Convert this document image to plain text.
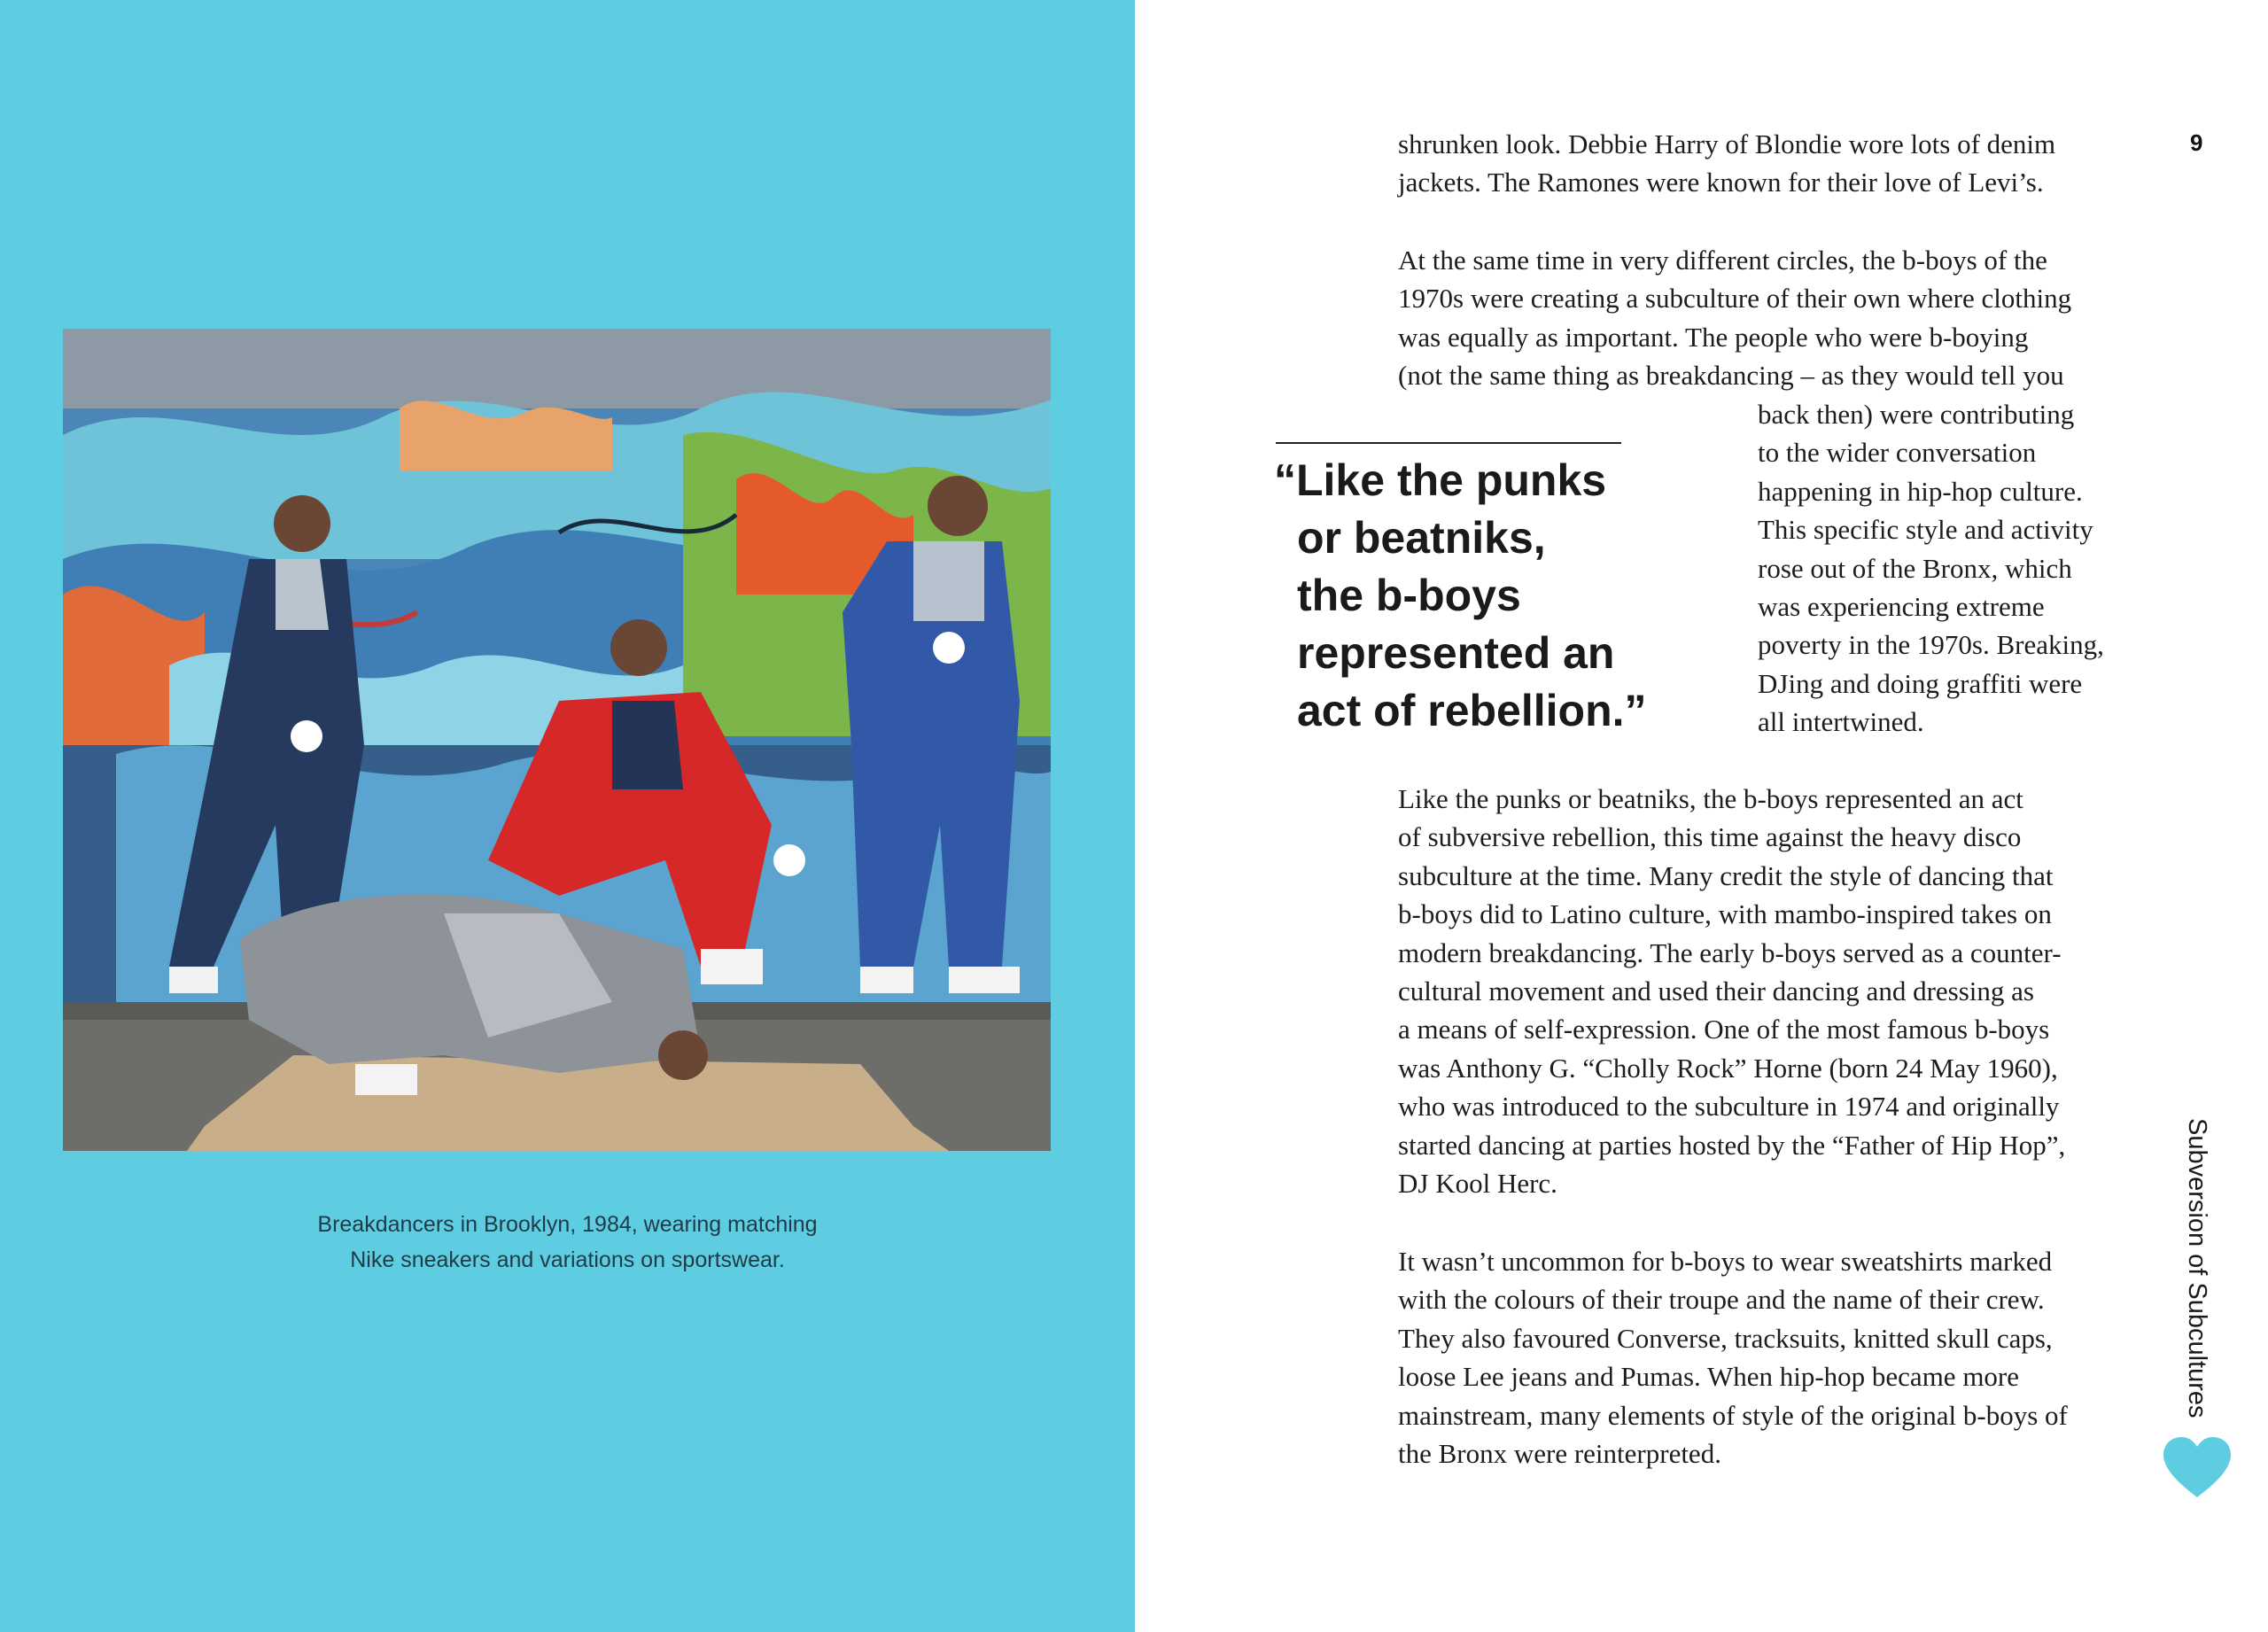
Breakdancers in Brooklyn, 1984, wearing matching
Nike sneakers and variations on sportswear.
9
shrunken look. Debbie Harry of Blondie wore lots of denim
jackets. The Ramones were known for their love of Levi’s.
At the same time in very different circles, the b-boys of the
1970s were creating a subculture of their own where clothing
was equally as important. The people who were b-boying
(not the same thing as breakdancing – as they would tell you
back then) were contributing
to the wider conversation
happening in hip-hop culture.
This specific style and activity
rose out of the Bronx, which
was experiencing extreme
poverty in the 1970s. Breaking,
DJing and doing graffiti were
all intertwined.
“Like the punks
or beatniks,
the b-boys
represented an
act of rebellion.”
Like the punks or beatniks, the b-boys represented an act
of subversive rebellion, this time against the heavy disco
subculture at the time. Many credit the style of dancing that
b-boys did to Latino culture, with mambo-inspired takes on
modern breakdancing. The early b-boys served as a counter-
cultural movement and used their dancing and dressing as
a means of self-expression. One of the most famous b-boys
was Anthony G. “Cholly Rock” Horne (born 24 May 1960),
who was introduced to the subculture in 1974 and originally
started dancing at parties hosted by the “Father of Hip Hop”,
DJ Kool Herc.
It wasn’t uncommon for b-boys to wear sweatshirts marked
with the colours of their troupe and the name of their crew.
They also favoured Converse, tracksuits, knitted skull caps,
loose Lee jeans and Pumas. When hip-hop became more
mainstream, many elements of style of the original b-boys of
the Bronx were reinterpreted.
Subversion of Subcultures
